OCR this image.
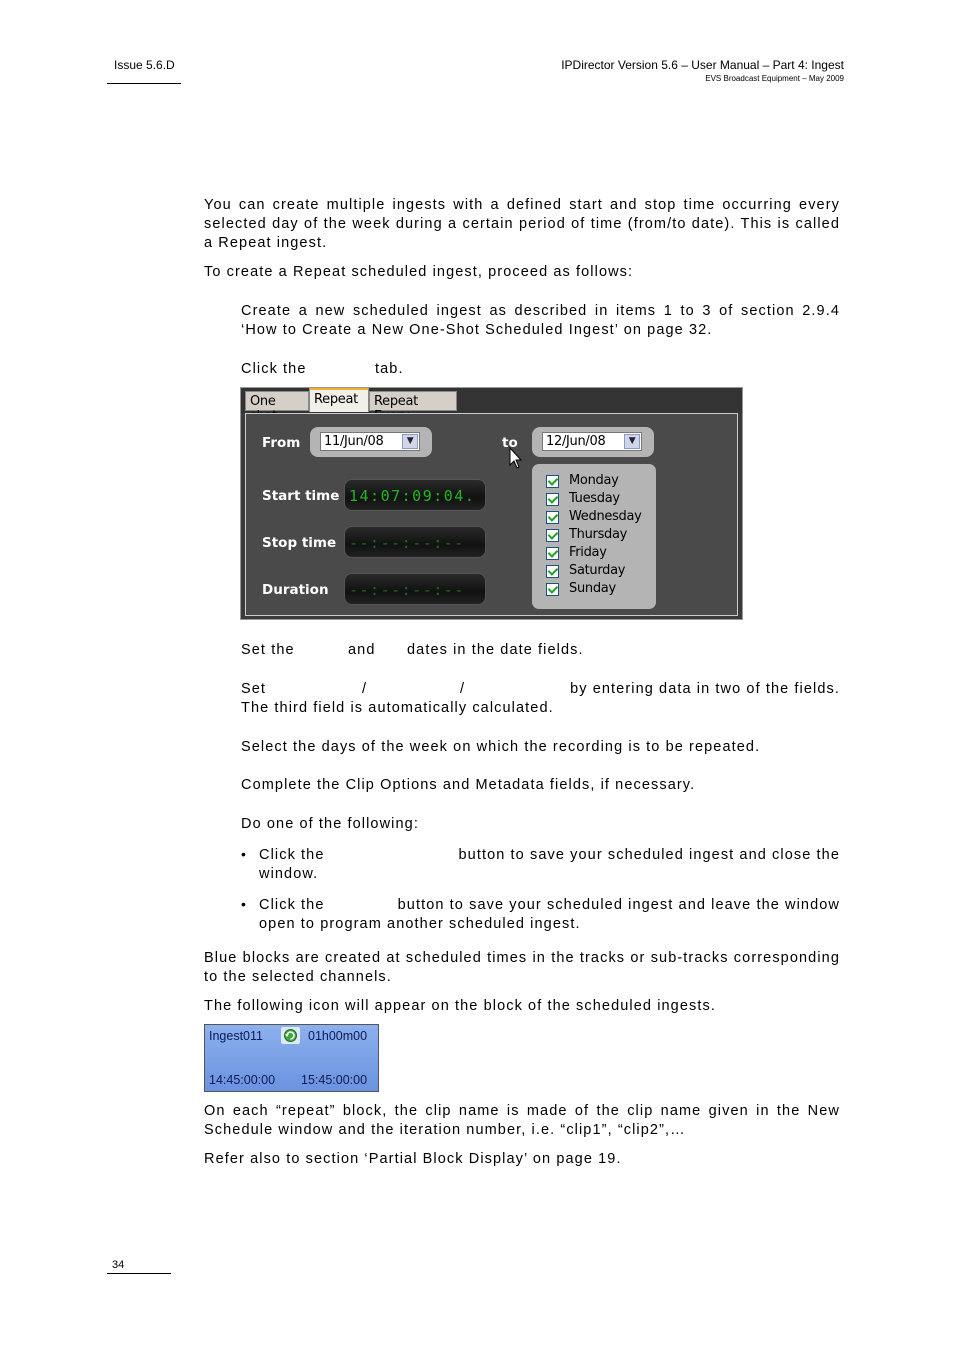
Issue 5.6.D	IPDirector Version 5.6 – User Manual – Part 4: Ingest
EVS Broadcast Equipment – May 2009
You can create multiple ingests with a defined start and stop time occurring every selected day of the week during a certain period of time (from/to date). This is called a Repeat ingest.
To create a Repeat scheduled ingest, proceed as follows:
Create a new scheduled ingest as described in items 1 to 3 of section 2.9.4 ‘How to Create a New One-Shot Scheduled Ingest’ on page 32.
Click the	tab.
One	Repeat	Repeat
From	11/Jun/08	▼	to	12/Jun/08	▼
Start time 14:07:09:04.
Stop time --:--:--:--
Duration	--:--:--:--
Monday
Tuesday
Wednesday
Thursday
Friday
Saturday
Sunday
Set the	and dates in the date fields.
Set	/	/	by entering data in two of the fields.
The third field is automatically calculated.
Select the days of the week on which the recording is to be repeated.
Complete the Clip Options and Metadata fields, if necessary.
Do one of the following:
• Click the	button to save your scheduled ingest and close the
window.
• Click the	button to save your scheduled ingest and leave the window
open to program another scheduled ingest.
Blue blocks are created at scheduled times in the tracks or sub-tracks corresponding to the selected channels.
The following icon will appear on the block of the scheduled ingests.
Ingest011	01h00m00
14:45:00:00 15:45:00:00
On each “repeat” block, the clip name is made of the clip name given in the New Schedule window and the iteration number, i.e. “clip1”, “clip2”,…
Refer also to section ‘Partial Block Display’ on page 19.
34
